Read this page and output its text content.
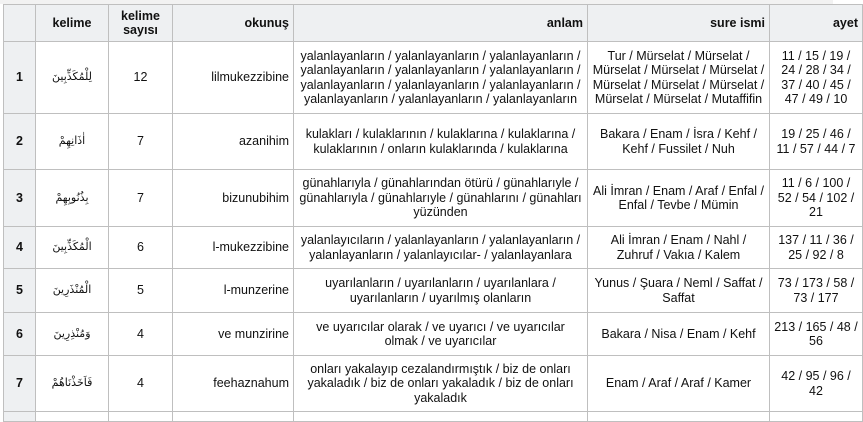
	kelime	kelime sayısı	okunuş	anlam	sure ismi	ayet
1	لِلْمُكَذِّبِينَ	12	lilmukezzibine	yalanlayanların / yalanlayanların / yalanlayanların / yalanlayanların / yalanlayanların / yalanlayanların / yalanlayanların / yalanlayanların / yalanlayanların / yalanlayanların / yalanlayanların / yalanlayanların	Tur / Mürselat / Mürselat / Mürselat / Mürselat / Mürselat / Mürselat / Mürselat / Mürselat / Mürselat / Mürselat / Mutaffifin	11 / 15 / 19 / 24 / 28 / 34 / 37 / 40 / 45 / 47 / 49 / 10
2	اٰذَانِهِمْ	7	azanihim	kulakları / kulaklarının / kulaklarına / kulaklarına / kulaklarının / onların kulaklarında / kulaklarına	Bakara / Enam / İsra / Kehf / Kehf / Fussilet / Nuh	19 / 25 / 46 / 11 / 57 / 44 / 7
3	بِذُنُوبِهِمْ	7	bizunubihim	günahlarıyla / günahlarından ötürü / günahlarıyle / günahlarıyla / günahlarıyle / günahlarını / günahları yüzünden	Ali İmran / Enam / Araf / Enfal / Enfal / Tevbe / Mümin	11 / 6 / 100 / 52 / 54 / 102 / 21
4	الْمُكَذِّبِينَ	6	l-mukezzibine	yalanlayıcıların / yalanlayanların / yalanlayanların / yalanlayanların / yalanlayıcılar- / yalanlayanlara	Ali İmran / Enam / Nahl / Zuhruf / Vakıa / Kalem	137 / 11 / 36 / 25 / 92 / 8
5	الْمُنْذَرِينَ	5	l-munzerine	uyarılanların / uyarılanların / uyarılanlara / uyarılanların / uyarılmış olanların	Yunus / Şuara / Neml / Saffat / Saffat	73 / 173 / 58 / 73 / 177
6	وَمُنْذِرِينَ	4	ve munzirine	ve uyarıcılar olarak / ve uyarıcı / ve uyarıcılar olmak / ve uyarıcılar	Bakara / Nisa / Enam / Kehf	213 / 165 / 48 / 56
7	فَاَخَذْنَاهُمْ	4	feehaznahum	onları yakalayıp cezalandırmıştık / biz de onları yakaladık / biz de onları yakaladık / biz de onları yakaladık	Enam / Araf / Araf / Kamer	42 / 95 / 96 / 42
